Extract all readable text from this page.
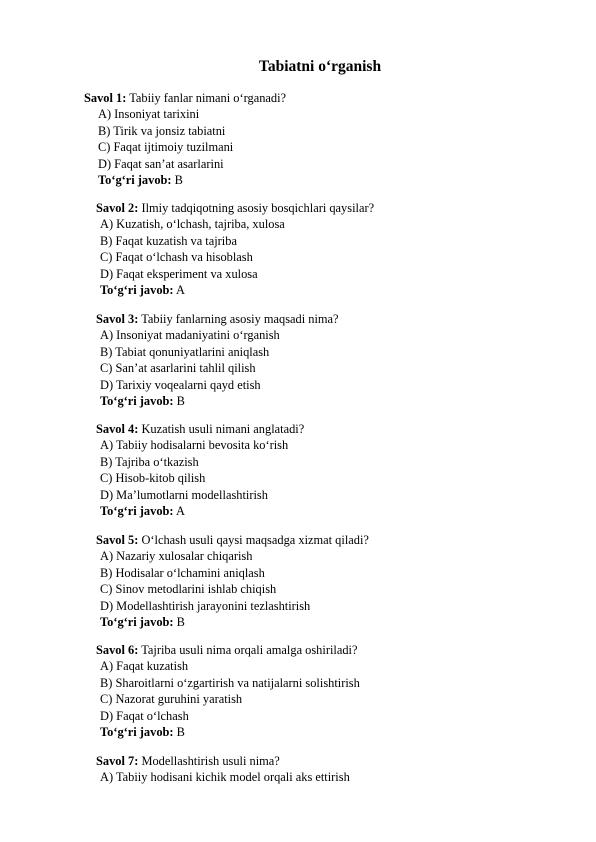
Tabiatni o‘rganish
Savol 1: Tabiiy fanlar nimani o‘rganadi?
A) Insoniyat tarixini
B) Tirik va jonsiz tabiatni
C) Faqat ijtimoiy tuzilmani
D) Faqat san’at asarlarini
To‘g‘ri javob: B
Savol 2: Ilmiy tadqiqotning asosiy bosqichlari qaysilar?
A) Kuzatish, o‘lchash, tajriba, xulosa
B) Faqat kuzatish va tajriba
C) Faqat o‘lchash va hisoblash
D) Faqat eksperiment va xulosa
To‘g‘ri javob: A
Savol 3: Tabiiy fanlarning asosiy maqsadi nima?
A) Insoniyat madaniyatini o‘rganish
B) Tabiat qonuniyatlarini aniqlash
C) San’at asarlarini tahlil qilish
D) Tarixiy voqealarni qayd etish
To‘g‘ri javob: B
Savol 4: Kuzatish usuli nimani anglatadi?
A) Tabiiy hodisalarni bevosita ko‘rish
B) Tajriba o‘tkazish
C) Hisob-kitob qilish
D) Ma’lumotlarni modellashtirish
To‘g‘ri javob: A
Savol 5: O‘lchash usuli qaysi maqsadga xizmat qiladi?
A) Nazariy xulosalar chiqarish
B) Hodisalar o‘lchamini aniqlash
C) Sinov metodlarini ishlab chiqish
D) Modellashtirish jarayonini tezlashtirish
To‘g‘ri javob: B
Savol 6: Tajriba usuli nima orqali amalga oshiriladi?
A) Faqat kuzatish
B) Sharoitlarni o‘zgartirish va natijalarni solishtirish
C) Nazorat guruhini yaratish
D) Faqat o‘lchash
To‘g‘ri javob: B
Savol 7: Modellashtirish usuli nima?
A) Tabiiy hodisani kichik model orqali aks ettirish
